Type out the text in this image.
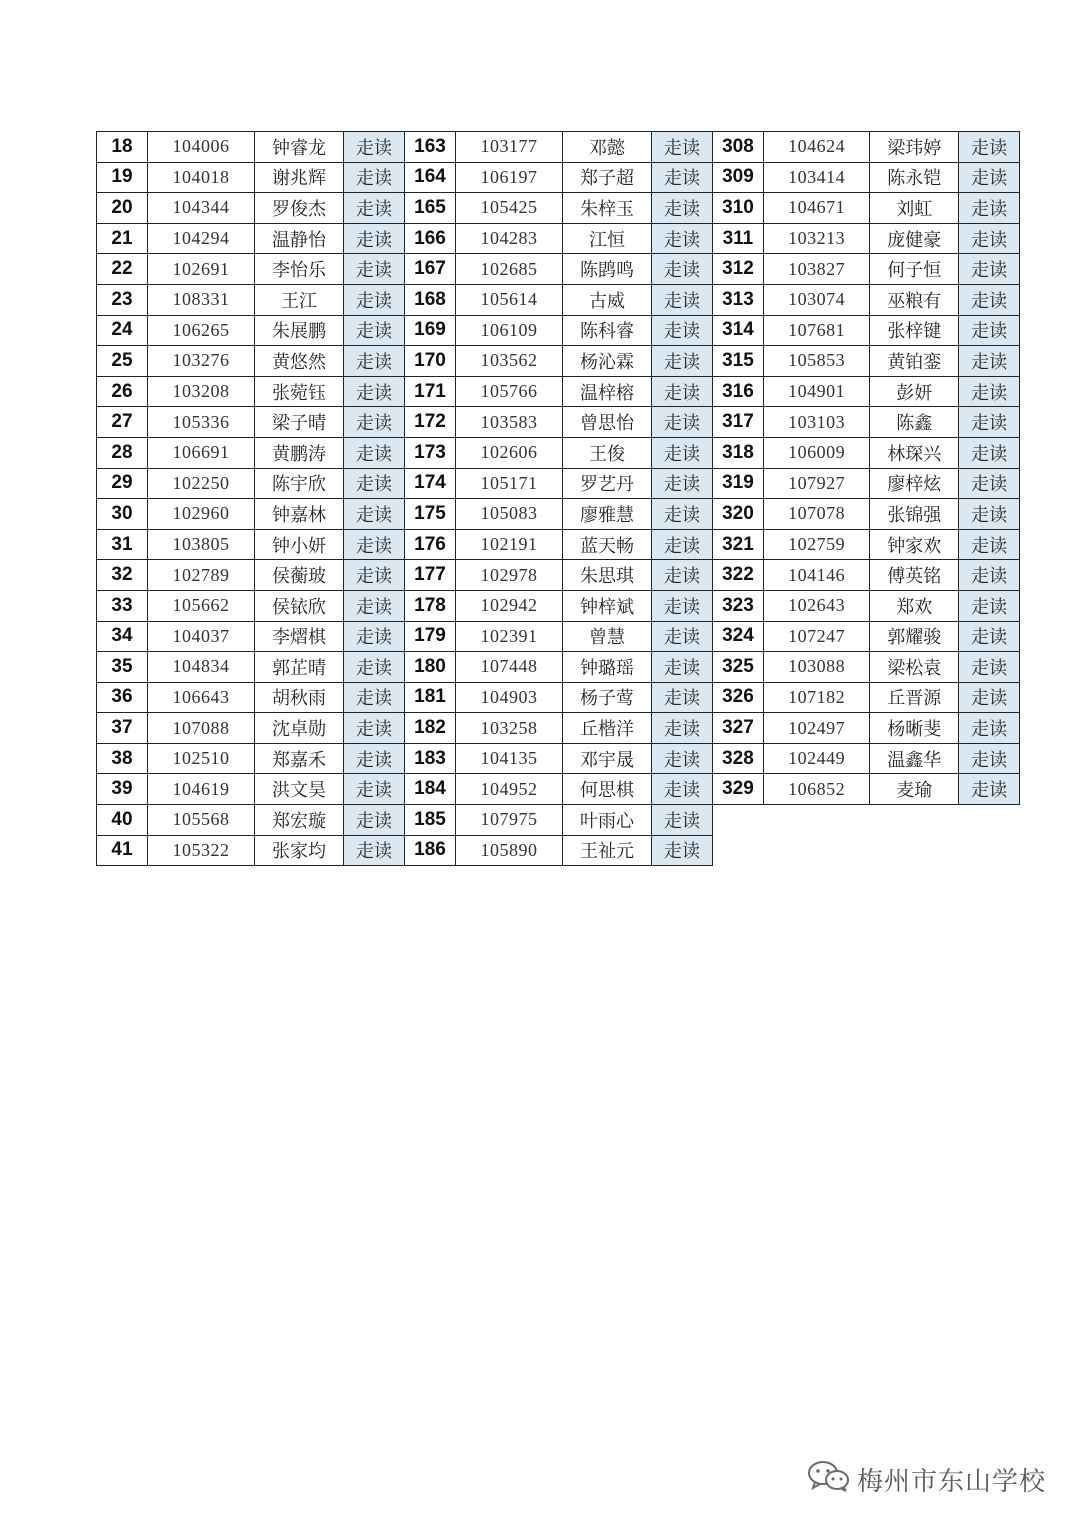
18	104006	钟睿龙	走读
19	104018	谢兆辉	走读
20	104344	罗俊杰	走读
21	104294	温静怡	走读
22	102691	李怡乐	走读
23	108331	王江	走读
24	106265	朱展鹏	走读
25	103276	黄悠然	走读
26	103208	张菀钰	走读
27	105336	梁子晴	走读
28	106691	黄鹏涛	走读
29	102250	陈宇欣	走读
30	102960	钟嘉林	走读
31	103805	钟小妍	走读
32	102789	侯蘅玻	走读
33	105662	侯铱欣	走读
34	104037	李熠棋	走读
35	104834	郭芷晴	走读
36	106643	胡秋雨	走读
37	107088	沈卓勋	走读
38	102510	郑嘉禾	走读
39	104619	洪文昊	走读
40	105568	郑宏璇	走读
41	105322	张家均	走读
163	103177	邓懿	走读
164	106197	郑子超	走读
165	105425	朱梓玉	走读
166	104283	江恒	走读
167	102685	陈鹍鸣	走读
168	105614	古威	走读
169	106109	陈科睿	走读
170	103562	杨沁霖	走读
171	105766	温梓榕	走读
172	103583	曾思怡	走读
173	102606	王俊	走读
174	105171	罗艺丹	走读
175	105083	廖雅慧	走读
176	102191	蓝天畅	走读
177	102978	朱思琪	走读
178	102942	钟梓斌	走读
179	102391	曾慧	走读
180	107448	钟璐瑶	走读
181	104903	杨子莺	走读
182	103258	丘楷洋	走读
183	104135	邓宇晟	走读
184	104952	何思棋	走读
185	107975	叶雨心	走读
186	105890	王祉元	走读
308	104624	梁玮婷	走读
309	103414	陈永铠	走读
310	104671	刘虹	走读
311	103213	庞健豪	走读
312	103827	何子恒	走读
313	103074	巫粮有	走读
314	107681	张梓键	走读
315	105853	黄铂銮	走读
316	104901	彭妍	走读
317	103103	陈鑫	走读
318	106009	林琛兴	走读
319	107927	廖梓炫	走读
320	107078	张锦强	走读
321	102759	钟家欢	走读
322	104146	傅英铭	走读
323	102643	郑欢	走读
324	107247	郭耀骏	走读
325	103088	梁松袁	走读
326	107182	丘晋源	走读
327	102497	杨晰斐	走读
328	102449	温鑫华	走读
329	106852	麦瑜	走读
梅州市东山学校
